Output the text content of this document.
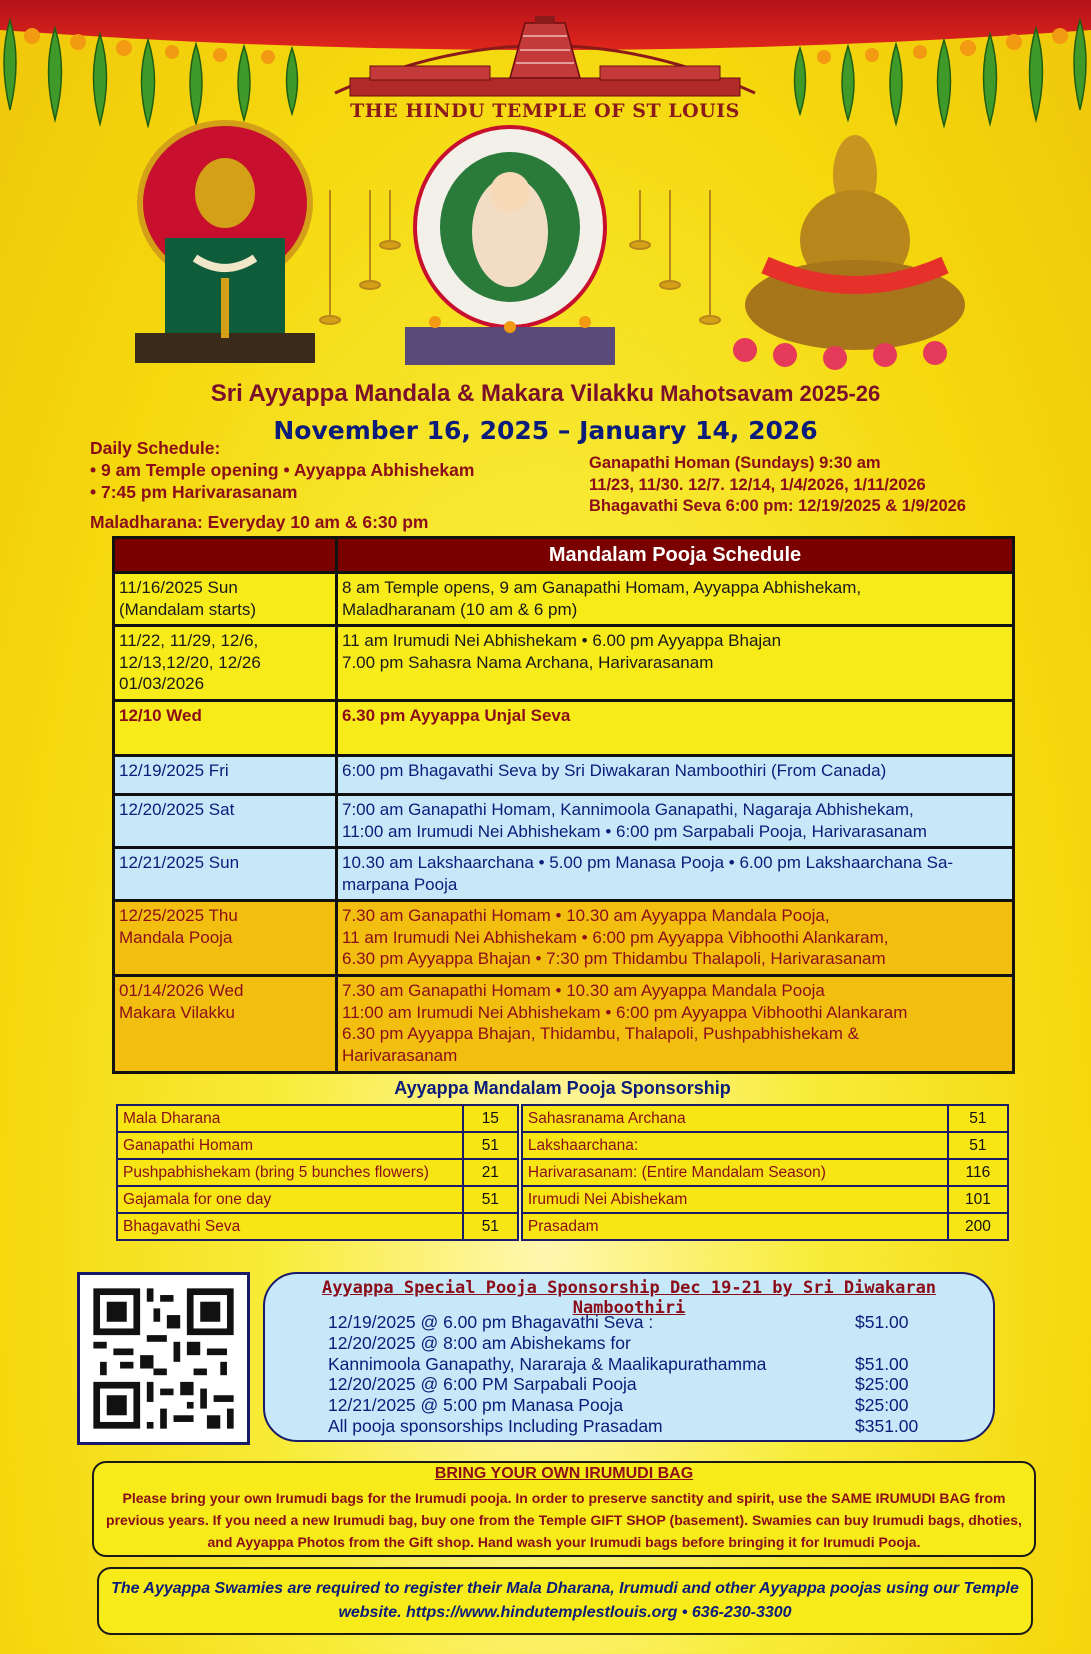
THE HINDU TEMPLE OF ST LOUIS
Sri Ayyappa Mandala & Makara Vilakku Mahotsavam 2025-26
November 16, 2025 – January 14, 2026
Daily Schedule:
• 9 am Temple opening • Ayyappa Abhishekam
• 7:45 pm Harivarasanam
Ganapathi Homan (Sundays) 9:30 am
11/23, 11/30. 12/7. 12/14, 1/4/2026, 1/11/2026
Bhagavathi Seva 6:00 pm: 12/19/2025 & 1/9/2026
Maladharana: Everyday 10 am & 6:30 pm
	Mandalam Pooja Schedule
11/16/2025 Sun
(Mandalam starts)	8 am Temple opens, 9 am Ganapathi Homam, Ayyappa Abhishekam,
Maladharanam (10 am & 6 pm)
11/22, 11/29, 12/6,
12/13,12/20, 12/26
01/03/2026	11 am Irumudi Nei Abhishekam • 6.00 pm Ayyappa Bhajan
7.00 pm Sahasra Nama Archana, Harivarasanam
12/10 Wed	6.30 pm Ayyappa Unjal Seva
12/19/2025 Fri	6:00 pm Bhagavathi Seva by Sri Diwakaran Namboothiri (From Canada)
12/20/2025 Sat	7:00 am Ganapathi Homam, Kannimoola Ganapathi, Nagaraja Abhishekam,
11:00 am Irumudi Nei Abhishekam • 6:00 pm Sarpabali Pooja, Harivarasanam
12/21/2025 Sun	10.30 am Lakshaarchana • 5.00 pm Manasa Pooja • 6.00 pm Lakshaarchana Sa-
marpana Pooja
12/25/2025 Thu
Mandala Pooja	7.30 am Ganapathi Homam • 10.30 am Ayyappa Mandala Pooja,
11 am Irumudi Nei Abhishekam • 6:00 pm Ayyappa Vibhoothi Alankaram,
6.30 pm Ayyappa Bhajan • 7:30 pm Thidambu Thalapoli, Harivarasanam
01/14/2026 Wed
Makara Vilakku	7.30 am Ganapathi Homam • 10.30 am Ayyappa Mandala Pooja
11:00 am Irumudi Nei Abhishekam • 6:00 pm Ayyappa Vibhoothi Alankaram
6.30 pm Ayyappa Bhajan, Thidambu, Thalapoli, Pushpabhishekam &
Harivarasanam
Ayyappa Mandalam Pooja Sponsorship
Mala Dharana	15		Sahasranama Archana	51
Ganapathi Homam	51		Lakshaarchana:	51
Pushpabhishekam (bring 5 bunches flowers)	21		Harivarasanam: (Entire Mandalam Season)	116
Gajamala for one day	51		Irumudi Nei Abishekam	101
Bhagavathi Seva	51		Prasadam	200
Ayyappa Special Pooja Sponsorship Dec 19-21 by Sri Diwakaran Namboothiri
12/19/2025 @ 6.00 pm Bhagavathi Seva :	$51.00
12/20/2025 @ 8:00 am Abishekams for
Kannimoola Ganapathy, Nararaja & Maalikapurathamma	$51.00
12/20/2025 @ 6:00 PM Sarpabali Pooja	$25:00
12/21/2025 @ 5:00 pm Manasa Pooja	$25:00
All pooja sponsorships Including Prasadam	$351.00
BRING YOUR OWN IRUMUDI BAG
Please bring your own Irumudi bags for the Irumudi pooja. In order to preserve sanctity and spirit, use the SAME IRUMUDI BAG from previous years. If you need a new Irumudi bag, buy one from the Temple GIFT SHOP (basement). Swamies can buy Irumudi bags, dhoties, and Ayyappa Photos from the Gift shop. Hand wash your Irumudi bags before bringing it for Irumudi Pooja.
The Ayyappa Swamies are required to register their Mala Dharana, Irumudi and other Ayyappa poojas using our Temple website. https://www.hindutemplestlouis.org • 636-230-3300
